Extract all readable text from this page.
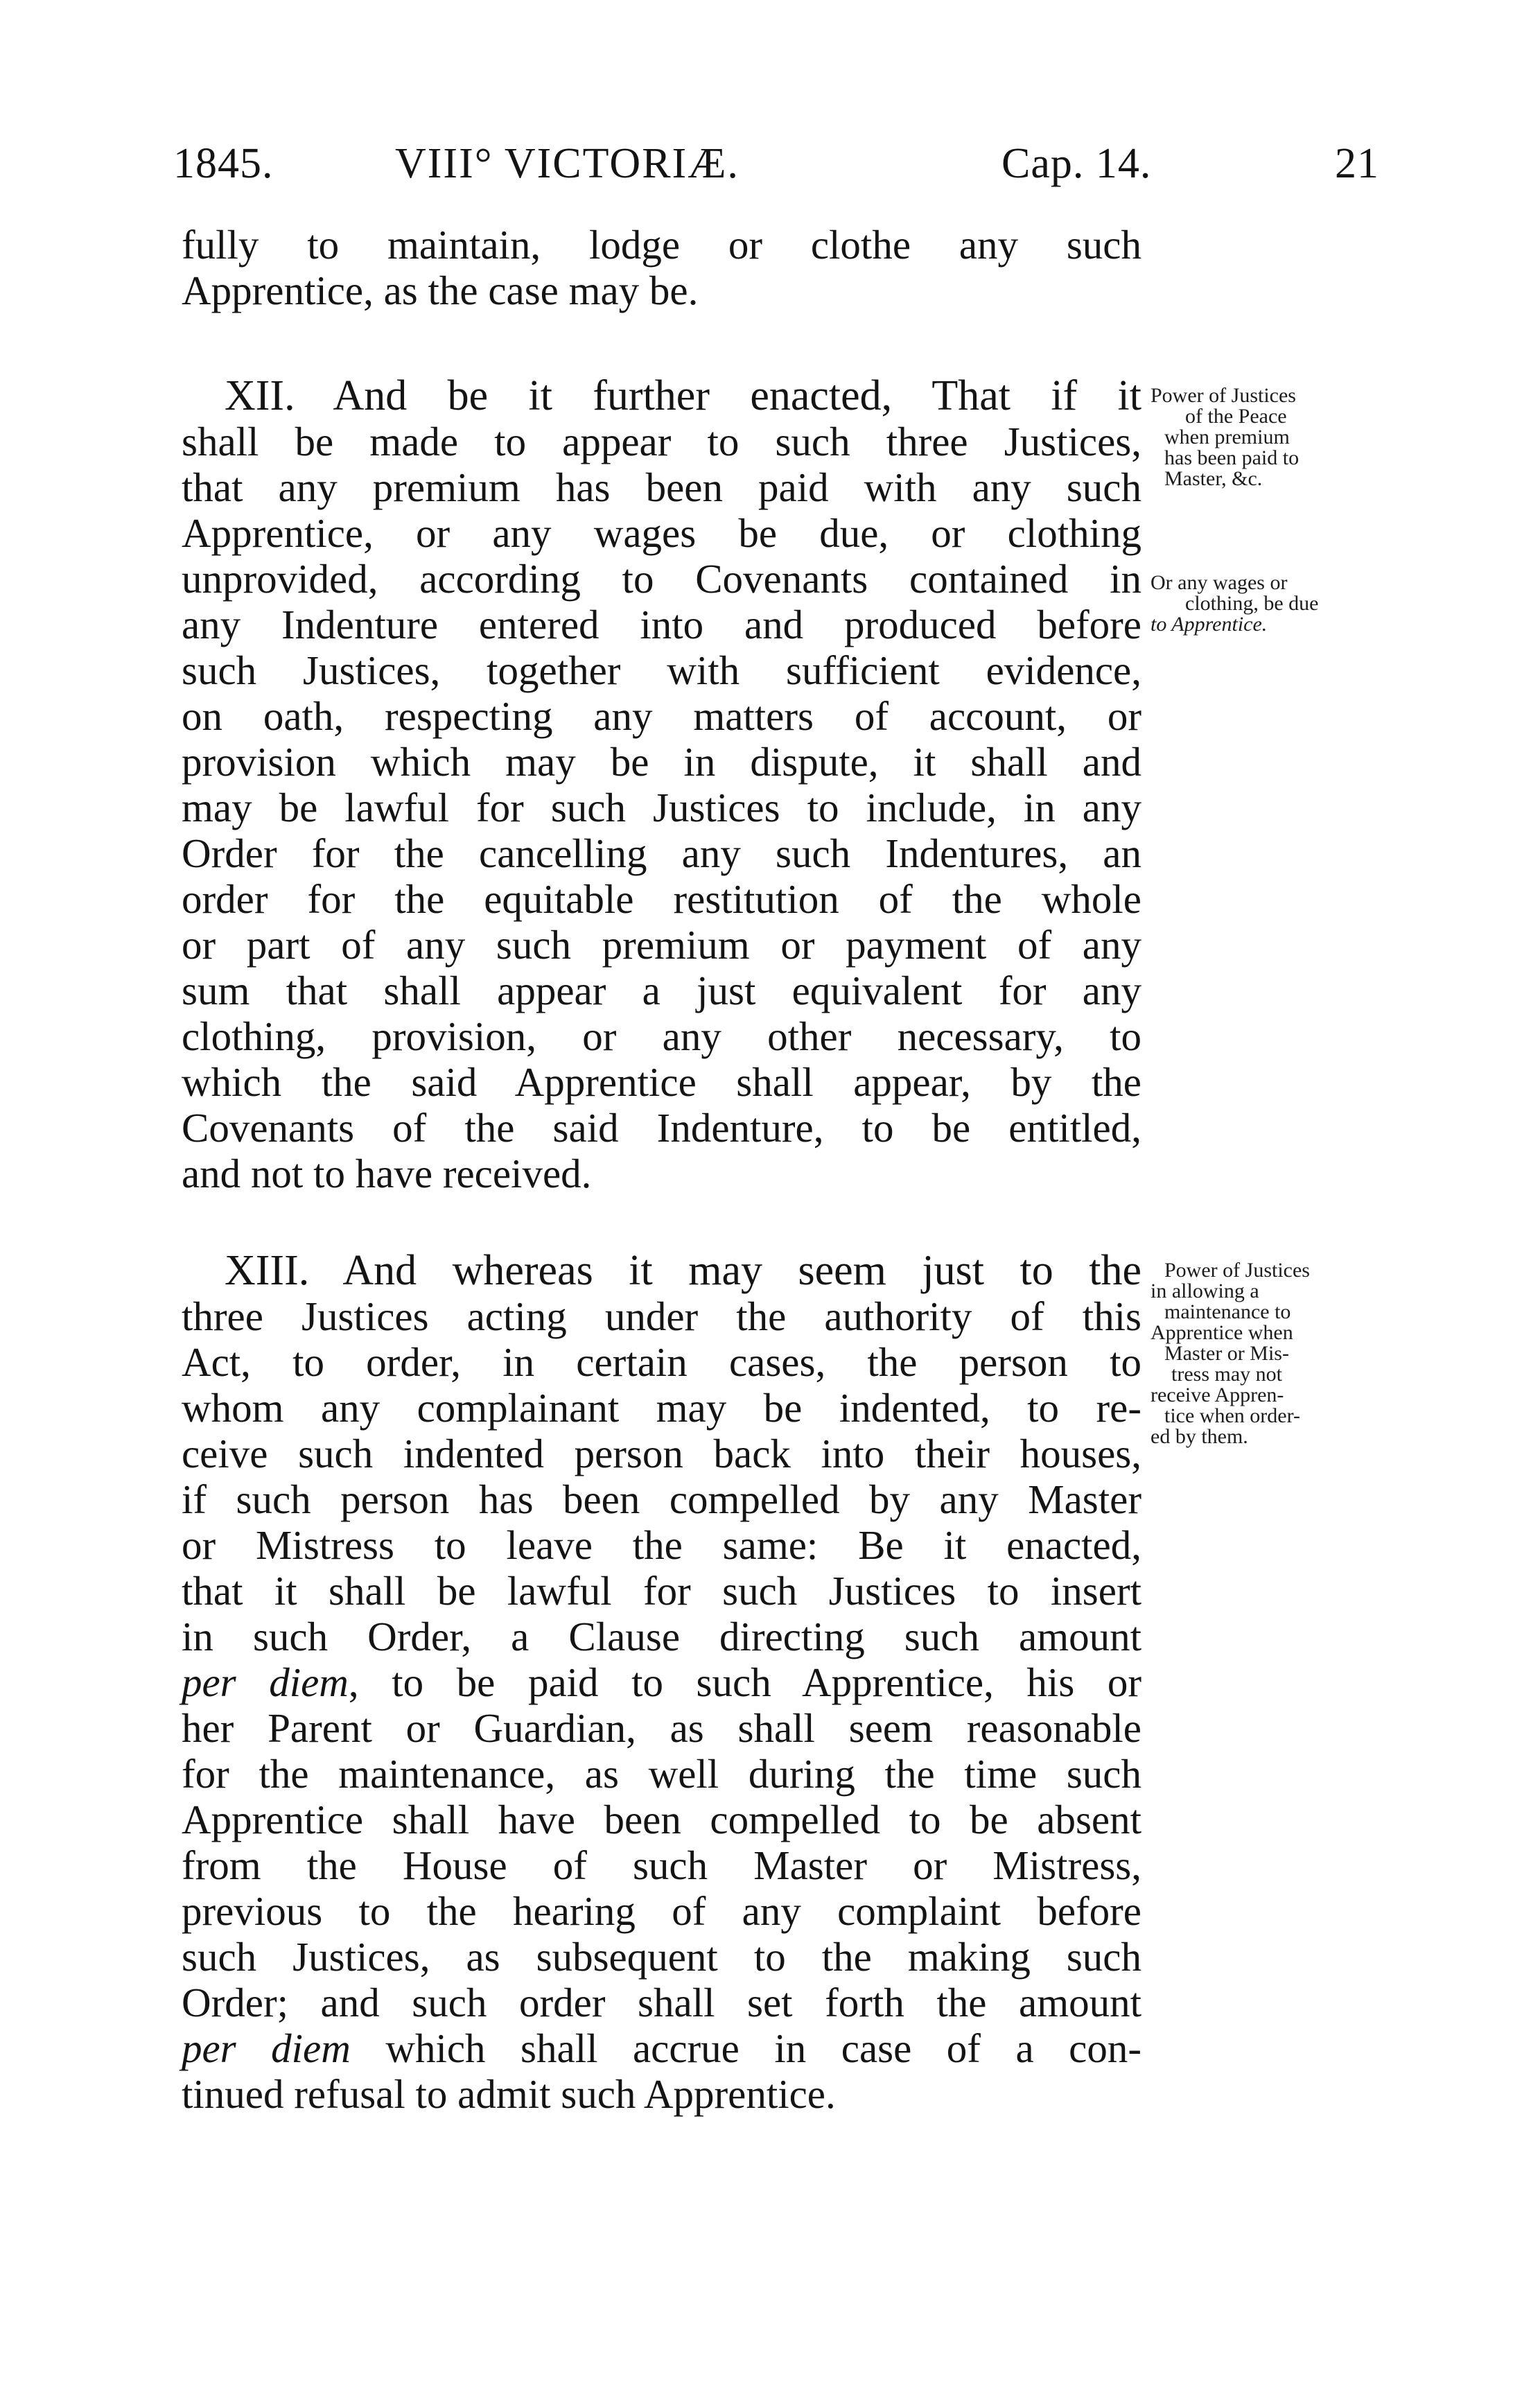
1845.	VIII° VICTORIÆ.	Cap. 14.	21
fully to maintain, lodge or clothe any such
Apprentice, as the case may be.
XII. And be it further enacted, That if it
shall be made to appear to such three Justices,
that any premium has been paid with any such
Apprentice, or any wages be due, or clothing
unprovided, according to Covenants contained in
any Indenture entered into and produced before
such Justices, together with sufficient evidence,
on oath, respecting any matters of account, or
provision which may be in dispute, it shall and
may be lawful for such Justices to include, in any
Order for the cancelling any such Indentures, an
order for the equitable restitution of the whole
or part of any such premium or payment of any
sum that shall appear a just equivalent for any
clothing, provision, or any other necessary, to
which the said Apprentice shall appear, by the
Covenants of the said Indenture, to be entitled,
and not to have received.
XIII. And whereas it may seem just to the
three Justices acting under the authority of this
Act, to order, in certain cases, the person to
whom any complainant may be indented, to re-
ceive such indented person back into their houses,
if such person has been compelled by any Master
or Mistress to leave the same: Be it enacted,
that it shall be lawful for such Justices to insert
in such Order, a Clause directing such amount
per diem, to be paid to such Apprentice, his or
her Parent or Guardian, as shall seem reasonable
for the maintenance, as well during the time such
Apprentice shall have been compelled to be absent
from the House of such Master or Mistress,
previous to the hearing of any complaint before
such Justices, as subsequent to the making such
Order; and such order shall set forth the amount
per diem which shall accrue in case of a con-
tinued refusal to admit such Apprentice.
Power of Justices
of the Peace
when premium
has been paid to
Master, &c.
Or any wages or
clothing, be due
to Apprentice.
Power of Justices
in allowing a
maintenance to
Apprentice when
Master or Mis-
tress may not
receive Appren-
tice when order-
ed by them.
